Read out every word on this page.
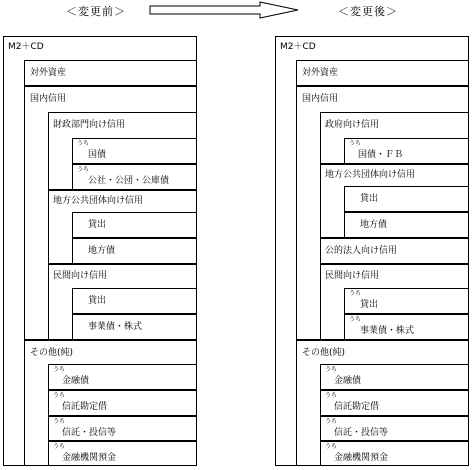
＜変更前＞	＜変更後＞
M2＋CD
対外資産
国内信用
財政部門向け信用
うち
国債
うち
公社・公団・公庫債
地方公共団体向け信用
貸出
地方債
民間向け信用
貸出
事業債・株式
その他(純)
うち
金融債
うち
信託勘定借
うち
信託・投信等
うち
金融機関預金
M2＋CD
対外資産
国内信用
政府向け信用
うち
国債・ＦＢ
地方公共団体向け信用
貸出
地方債
公的法人向け信用
民間向け信用
うち
貸出
うち
事業債・株式
その他(純)
うち
金融債
うち
信託勘定借
うち
信託・投信等
うち
金融機関預金
